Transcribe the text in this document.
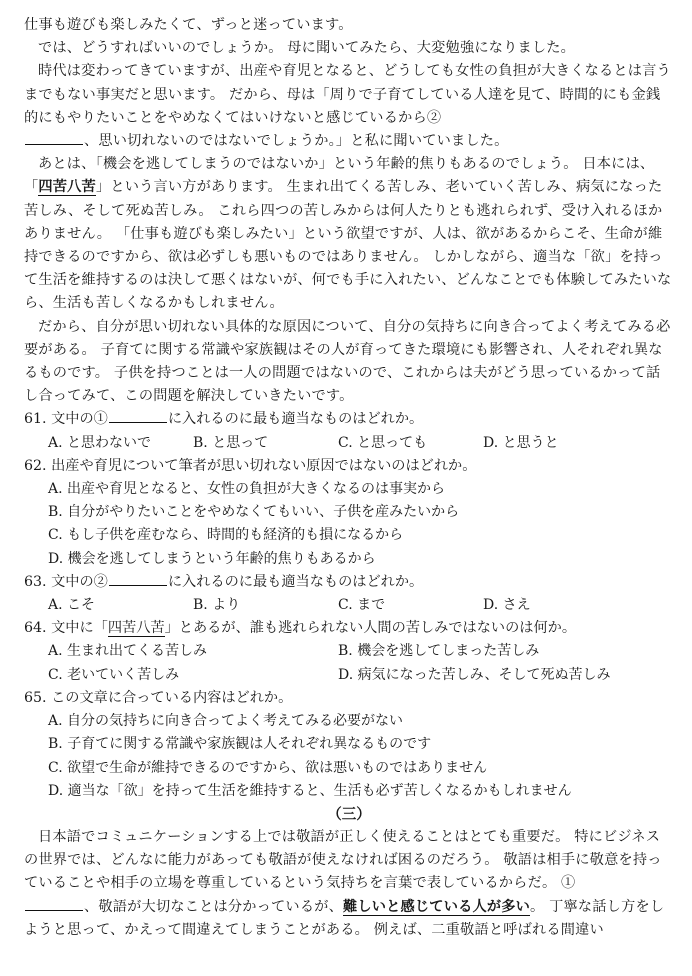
仕事も遊びも楽しみたくて、ずっと迷っています。

では、どうすればいいのでしょうか。 母に聞いてみたら、大変勉強になりました。

時代は変わってきていますが、出産や育児となると、どうしても女性の負担が大きくなるとは言うまでもない事実だと思います。 だから、母は「周りで子育てしている人達を見て、時間的にも金銭的にもやりたいことをやめなくてはいけないと感じているから②
、思い切れないのではないでしょうか。」と私に聞いていました。

あとは、「機会を逃してしまうのではないか」という年齢的焦りもあるのでしょう。 日本には、「四苦八苦」という言い方があります。 生まれ出てくる苦しみ、老いていく苦しみ、病気になった苦しみ、そして死ぬ苦しみ。 これら四つの苦しみからは何人たりとも逃れられず、受け入れるほかありません。 「仕事も遊びも楽しみたい」という欲望ですが、人は、欲があるからこそ、生命が維持できるのですから、欲は必ずしも悪いものではありません。 しかしながら、適当な「欲」を持って生活を維持するのは決して悪くはないが、何でも手に入れたい、どんなことでも体験してみたいなら、生活も苦しくなるかもしれません。

だから、自分が思い切れない具体的な原因について、自分の気持ちに向き合ってよく考えてみる必要がある。 子育てに関する常識や家族観はその人が育ってきた環境にも影響され、人それぞれ異なるものです。 子供を持つことは一人の問題ではないので、これからは夫がどう思っているかって話し合ってみて、この問題を解決していきたいです。

61. 文中の①	に入れるのに最も適当なものはどれか。

A. と思わないで	B. と思って	C. と思っても	D. と思うと

62. 出産や育児について筆者が思い切れない原因ではないのはどれか。

A. 出産や育児となると、女性の負担が大きくなるのは事実から

B. 自分がやりたいことをやめなくてもいい、子供を産みたいから

C. もし子供を産むなら、時間的も経済的も損になるから

D. 機会を逃してしまうという年齢的焦りもあるから

63. 文中の②	に入れるのに最も適当なものはどれか。

A. こそ	B. より	C. まで	D. さえ

64. 文中に「四苦八苦」とあるが、誰も逃れられない人間の苦しみではないのは何か。

A. 生まれ出てくる苦しみ	B. 機会を逃してしまった苦しみ
C. 老いていく苦しみ	D. 病気になった苦しみ、そして死ぬ苦しみ

65. この文章に合っている内容はどれか。

A. 自分の気持ちに向き合ってよく考えてみる必要がない

B. 子育てに関する常識や家族観は人それぞれ異なるものです

C. 欲望で生命が維持できるのですから、欲は悪いものではありません

D. 適当な「欲」を持って生活を維持すると、生活も必ず苦しくなるかもしれません

（三）

日本語でコミュニケーションする上では敬語が正しく使えることはとても重要だ。 特にビジネスの世界では、どんなに能力があっても敬語が使えなければ困るのだろう。 敬語は相手に敬意を持っていることや相手の立場を尊重しているという気持ちを言葉で表しているからだ。 ①
、敬語が大切なことは分かっているが、難しいと感じている人が多い。 丁寧な話し方をしようと思って、かえって間違えてしまうことがある。 例えば、二重敬語と呼ばれる間違い
